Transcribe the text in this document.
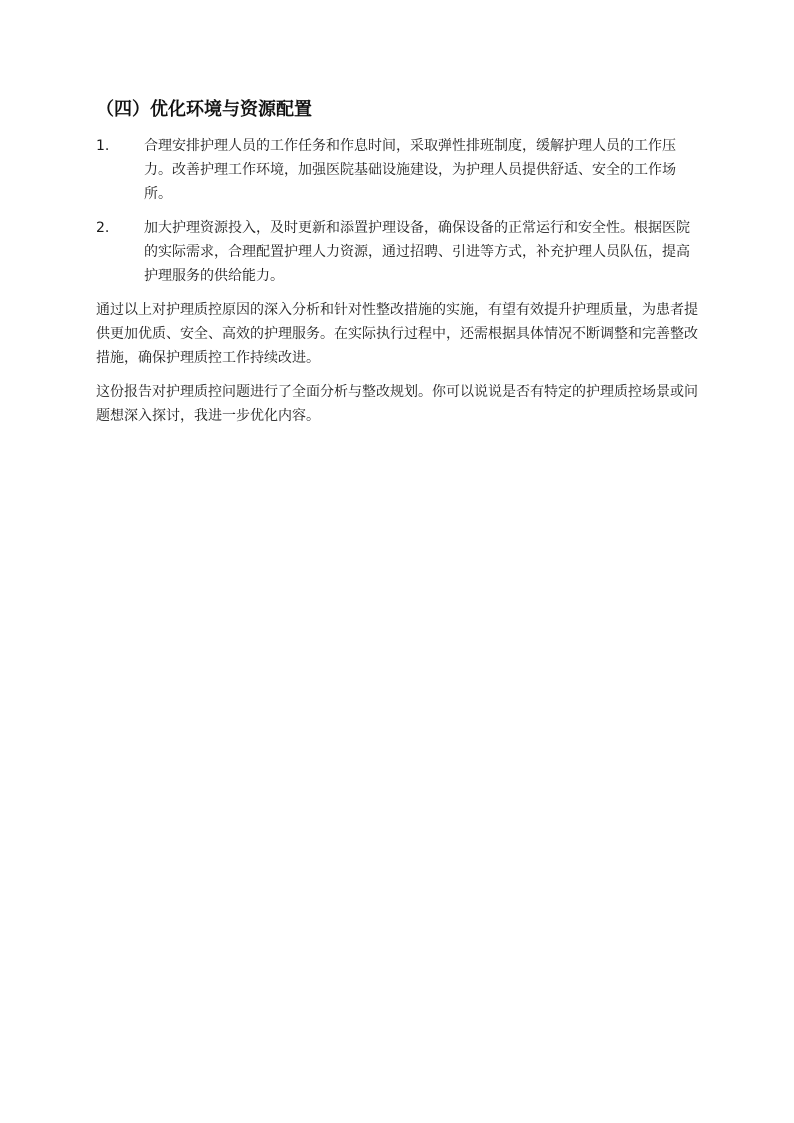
（四）优化环境与资源配置
1. 合理安排护理人员的工作任务和作息时间，采取弹性排班制度，缓解护理人员的工作压力。改善护理工作环境，加强医院基础设施建设，为护理人员提供舒适、安全的工作场所。
2. 加大护理资源投入，及时更新和添置护理设备，确保设备的正常运行和安全性。根据医院的实际需求，合理配置护理人力资源，通过招聘、引进等方式，补充护理人员队伍，提高护理服务的供给能力。

通过以上对护理质控原因的深入分析和针对性整改措施的实施，有望有效提升护理质量，为患者提供更加优质、安全、高效的护理服务。在实际执行过程中，还需根据具体情况不断调整和完善整改措施，确保护理质控工作持续改进。

这份报告对护理质控问题进行了全面分析与整改规划。你可以说说是否有特定的护理质控场景或问题想深入探讨，我进一步优化内容。
